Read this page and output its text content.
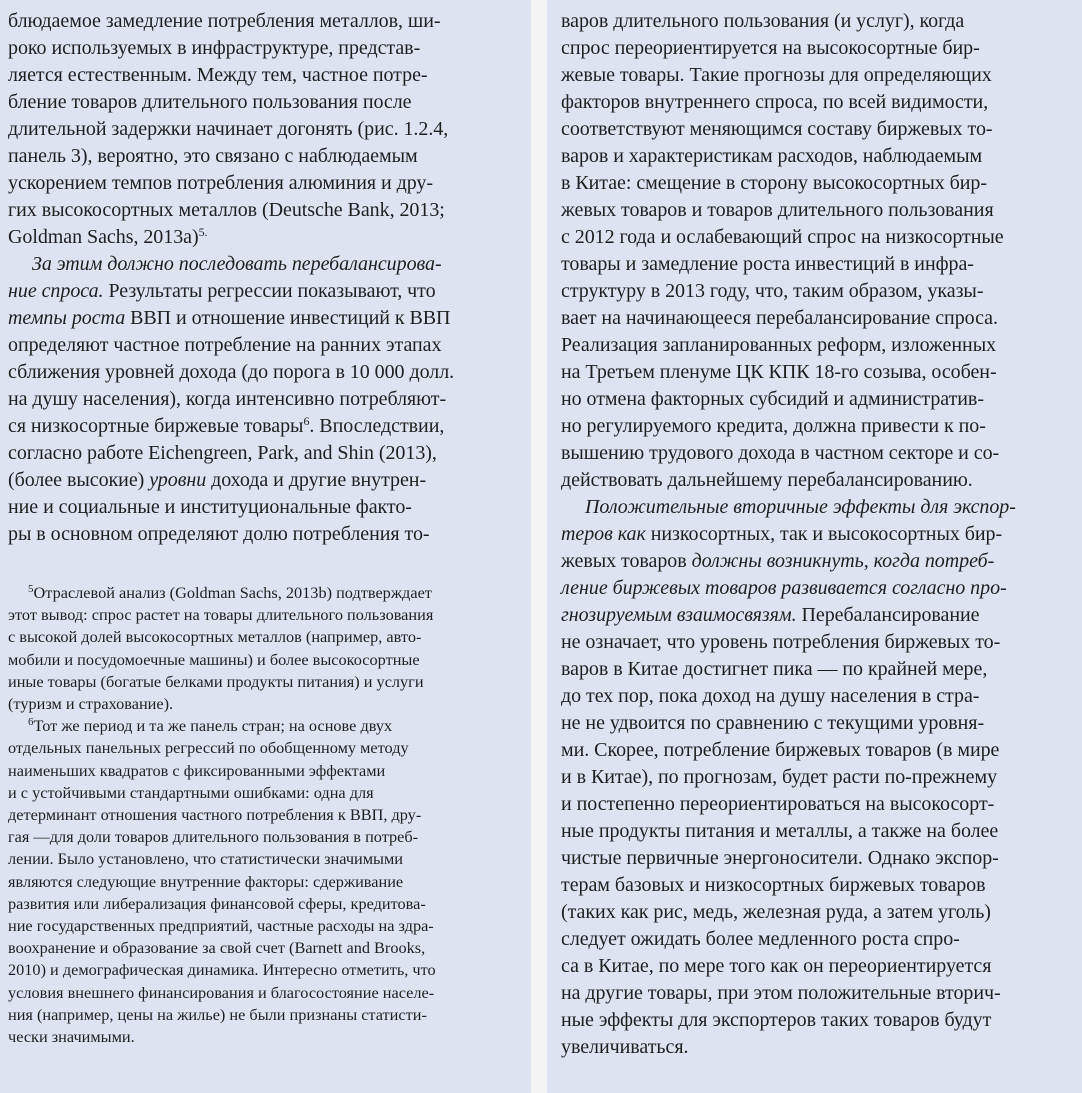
блюдаемое замедление потребления металлов, ши-
роко используемых в инфраструктуре, представ-
ляется естественным. Между тем, частное потре-
бление товаров длительного пользования после
длительной задержки начинает догонять (рис. 1.2.4,
панель 3), вероятно, это связано с наблюдаемым
ускорением темпов потребления алюминия и дру-
гих высокосортных металлов (Deutsche Bank, 2013;
Goldman Sachs, 2013a)$^{5.}$
За этим должно последовать перебалансирова-
ние спроса. Результаты регрессии показывают, что
темпы роста ВВП и отношение инвестиций к ВВП
определяют частное потребление на ранних этапах
сближения уровней дохода (до порога в 10 000 долл.
на душу населения), когда интенсивно потребляют-
ся низкосортные биржевые товары$^6$. Впоследствии,
согласно работе Eichengreen, Park, and Shin (2013),
(более высокие) уровни дохода и другие внутрен-
ние и социальные и институциональные факто-
ры в основном определяют долю потребления то-
$^5$Отраслевой анализ (Goldman Sachs, 2013b) подтверждает
этот вывод: спрос растет на товары длительного пользования
с высокой долей высокосортных металлов (например, авто-
мобили и посудомоечные машины) и более высокосортные
иные товары (богатые белками продукты питания) и услуги
(туризм и страхование).
$^6$Тот же период и та же панель стран; на основе двух
отдельных панельных регрессий по обобщенному методу
наименьших квадратов с фиксированными эффектами
и с устойчивыми стандартными ошибками: одна для
детерминант отношения частного потребления к ВВП, дру-
гая —для доли товаров длительного пользования в потреб-
лении. Было установлено, что статистически значимыми
являются следующие внутренние факторы: сдерживание
развития или либерализация финансовой сферы, кредитова-
ние государственных предприятий, частные расходы на здра-
воохранение и образование за свой счет (Barnett and Brooks,
2010) и демографическая динамика. Интересно отметить, что
условия внешнего финансирования и благосостояние населе-
ния (например, цены на жилье) не были признаны статисти-
чески значимыми.
варов длительного пользования (и услуг), когда
спрос переориентируется на высокосортные бир-
жевые товары. Такие прогнозы для определяющих
факторов внутреннего спроса, по всей видимости,
соответствуют меняющимся составу биржевых то-
варов и характеристикам расходов, наблюдаемым
в Китае: смещение в сторону высокосортных бир-
жевых товаров и товаров длительного пользования
с 2012 года и ослабевающий спрос на низкосортные
товары и замедление роста инвестиций в инфра-
структуру в 2013 году, что, таким образом, указы-
вает на начинающееся перебалансирование спроса.
Реализация запланированных реформ, изложенных
на Третьем пленуме ЦК КПК 18-го созыва, особен-
но отмена факторных субсидий и административ-
но регулируемого кредита, должна привести к по-
вышению трудового дохода в частном секторе и со-
действовать дальнейшему перебалансированию.
Положительные вторичные эффекты для экспор-
теров как низкосортных, так и высокосортных бир-
жевых товаров должны возникнуть, когда потреб-
ление биржевых товаров развивается согласно про-
гнозируемым взаимосвязям. Перебалансирование
не означает, что уровень потребления биржевых то-
варов в Китае достигнет пика — по крайней мере,
до тех пор, пока доход на душу населения в стра-
не не удвоится по сравнению с текущими уровня-
ми. Скорее, потребление биржевых товаров (в мире
и в Китае), по прогнозам, будет расти по-прежнему
и постепенно переориентироваться на высокосорт-
ные продукты питания и металлы, а также на более
чистые первичные энергоносители. Однако экспор-
терам базовых и низкосортных биржевых товаров
(таких как рис, медь, железная руда, а затем уголь)
следует ожидать более медленного роста спро-
са в Китае, по мере того как он переориентируется
на другие товары, при этом положительные вторич-
ные эффекты для экспортеров таких товаров будут
увеличиваться.
